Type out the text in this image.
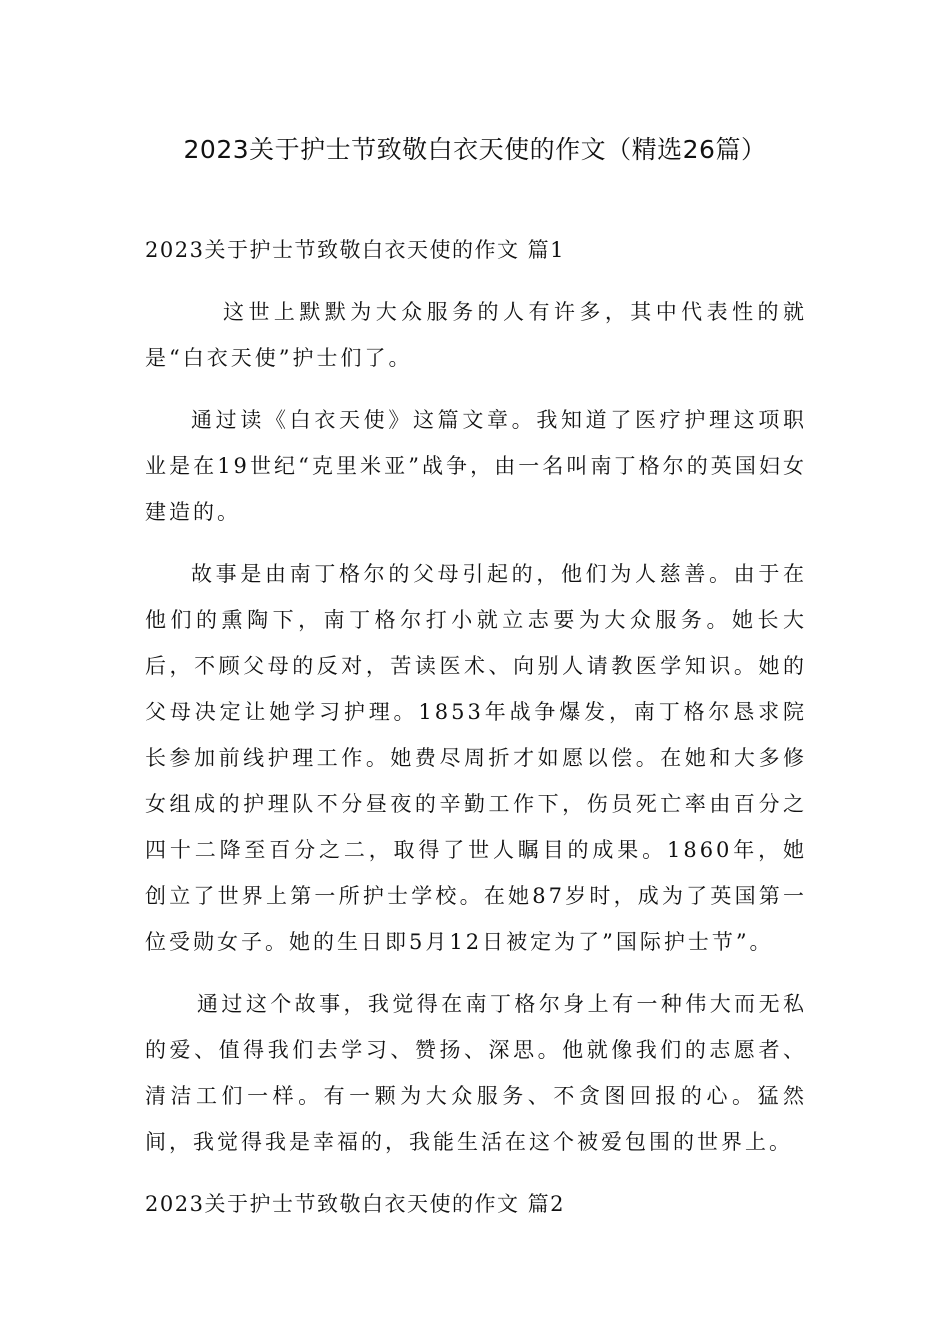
2023关于护士节致敬白衣天使的作文（精选26篇）

2023关于护士节致敬白衣天使的作文 篇1

这世上默默为大众服务的人有许多，其中代表性的就是“白衣天使”护士们了。

通过读《白衣天使》这篇文章。我知道了医疗护理这项职业是在19世纪“克里米亚”战争，由一名叫南丁格尔的英国妇女建造的。

故事是由南丁格尔的父母引起的，他们为人慈善。由于在他们的熏陶下，南丁格尔打小就立志要为大众服务。她长大后，不顾父母的反对，苦读医术、向别人请教医学知识。她的父母决定让她学习护理。1853年战争爆发，南丁格尔恳求院长参加前线护理工作。她费尽周折才如愿以偿。在她和大多修女组成的护理队不分昼夜的辛勤工作下，伤员死亡率由百分之四十二降至百分之二，取得了世人瞩目的成果。1860年，她创立了世界上第一所护士学校。在她87岁时，成为了英国第一位受勋女子。她的生日即5月12日被定为了”国际护士节”。

通过这个故事，我觉得在南丁格尔身上有一种伟大而无私的爱、值得我们去学习、赞扬、深思。他就像我们的志愿者、清洁工们一样。有一颗为大众服务、不贪图回报的心。猛然间，我觉得我是幸福的，我能生活在这个被爱包围的世界上。

2023关于护士节致敬白衣天使的作文 篇2
